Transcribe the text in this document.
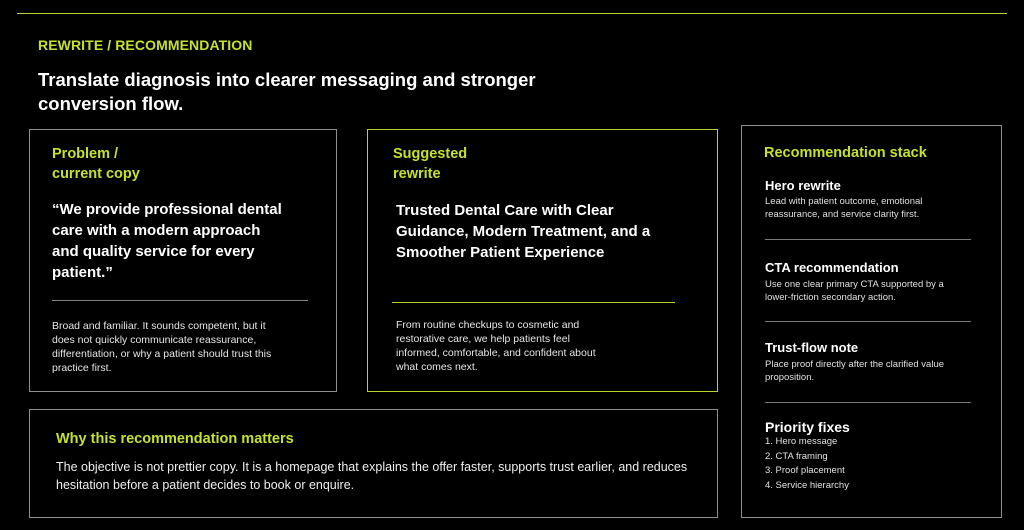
REWRITE / RECOMMENDATION
Translate diagnosis into clearer messaging and stronger conversion flow.
Problem /
current copy
“We provide professional dental care with a modern approach and quality service for every patient.”
Broad and familiar. It sounds competent, but it does not quickly communicate reassurance, differentiation, or why a patient should trust this practice first.
Suggested
rewrite
Trusted Dental Care with Clear Guidance, Modern Treatment, and a Smoother Patient Experience
From routine checkups to cosmetic and restorative care, we help patients feel informed, comfortable, and confident about what comes next.
Why this recommendation matters
The objective is not prettier copy. It is a homepage that explains the offer faster, supports trust earlier, and reduces hesitation before a patient decides to book or enquire.
Recommendation stack
Hero rewrite
Lead with patient outcome, emotional reassurance, and service clarity first.
CTA recommendation
Use one clear primary CTA supported by a lower-friction secondary action.
Trust-flow note
Place proof directly after the clarified value proposition.
Priority fixes
1. Hero message
2. CTA framing
3. Proof placement
4. Service hierarchy
